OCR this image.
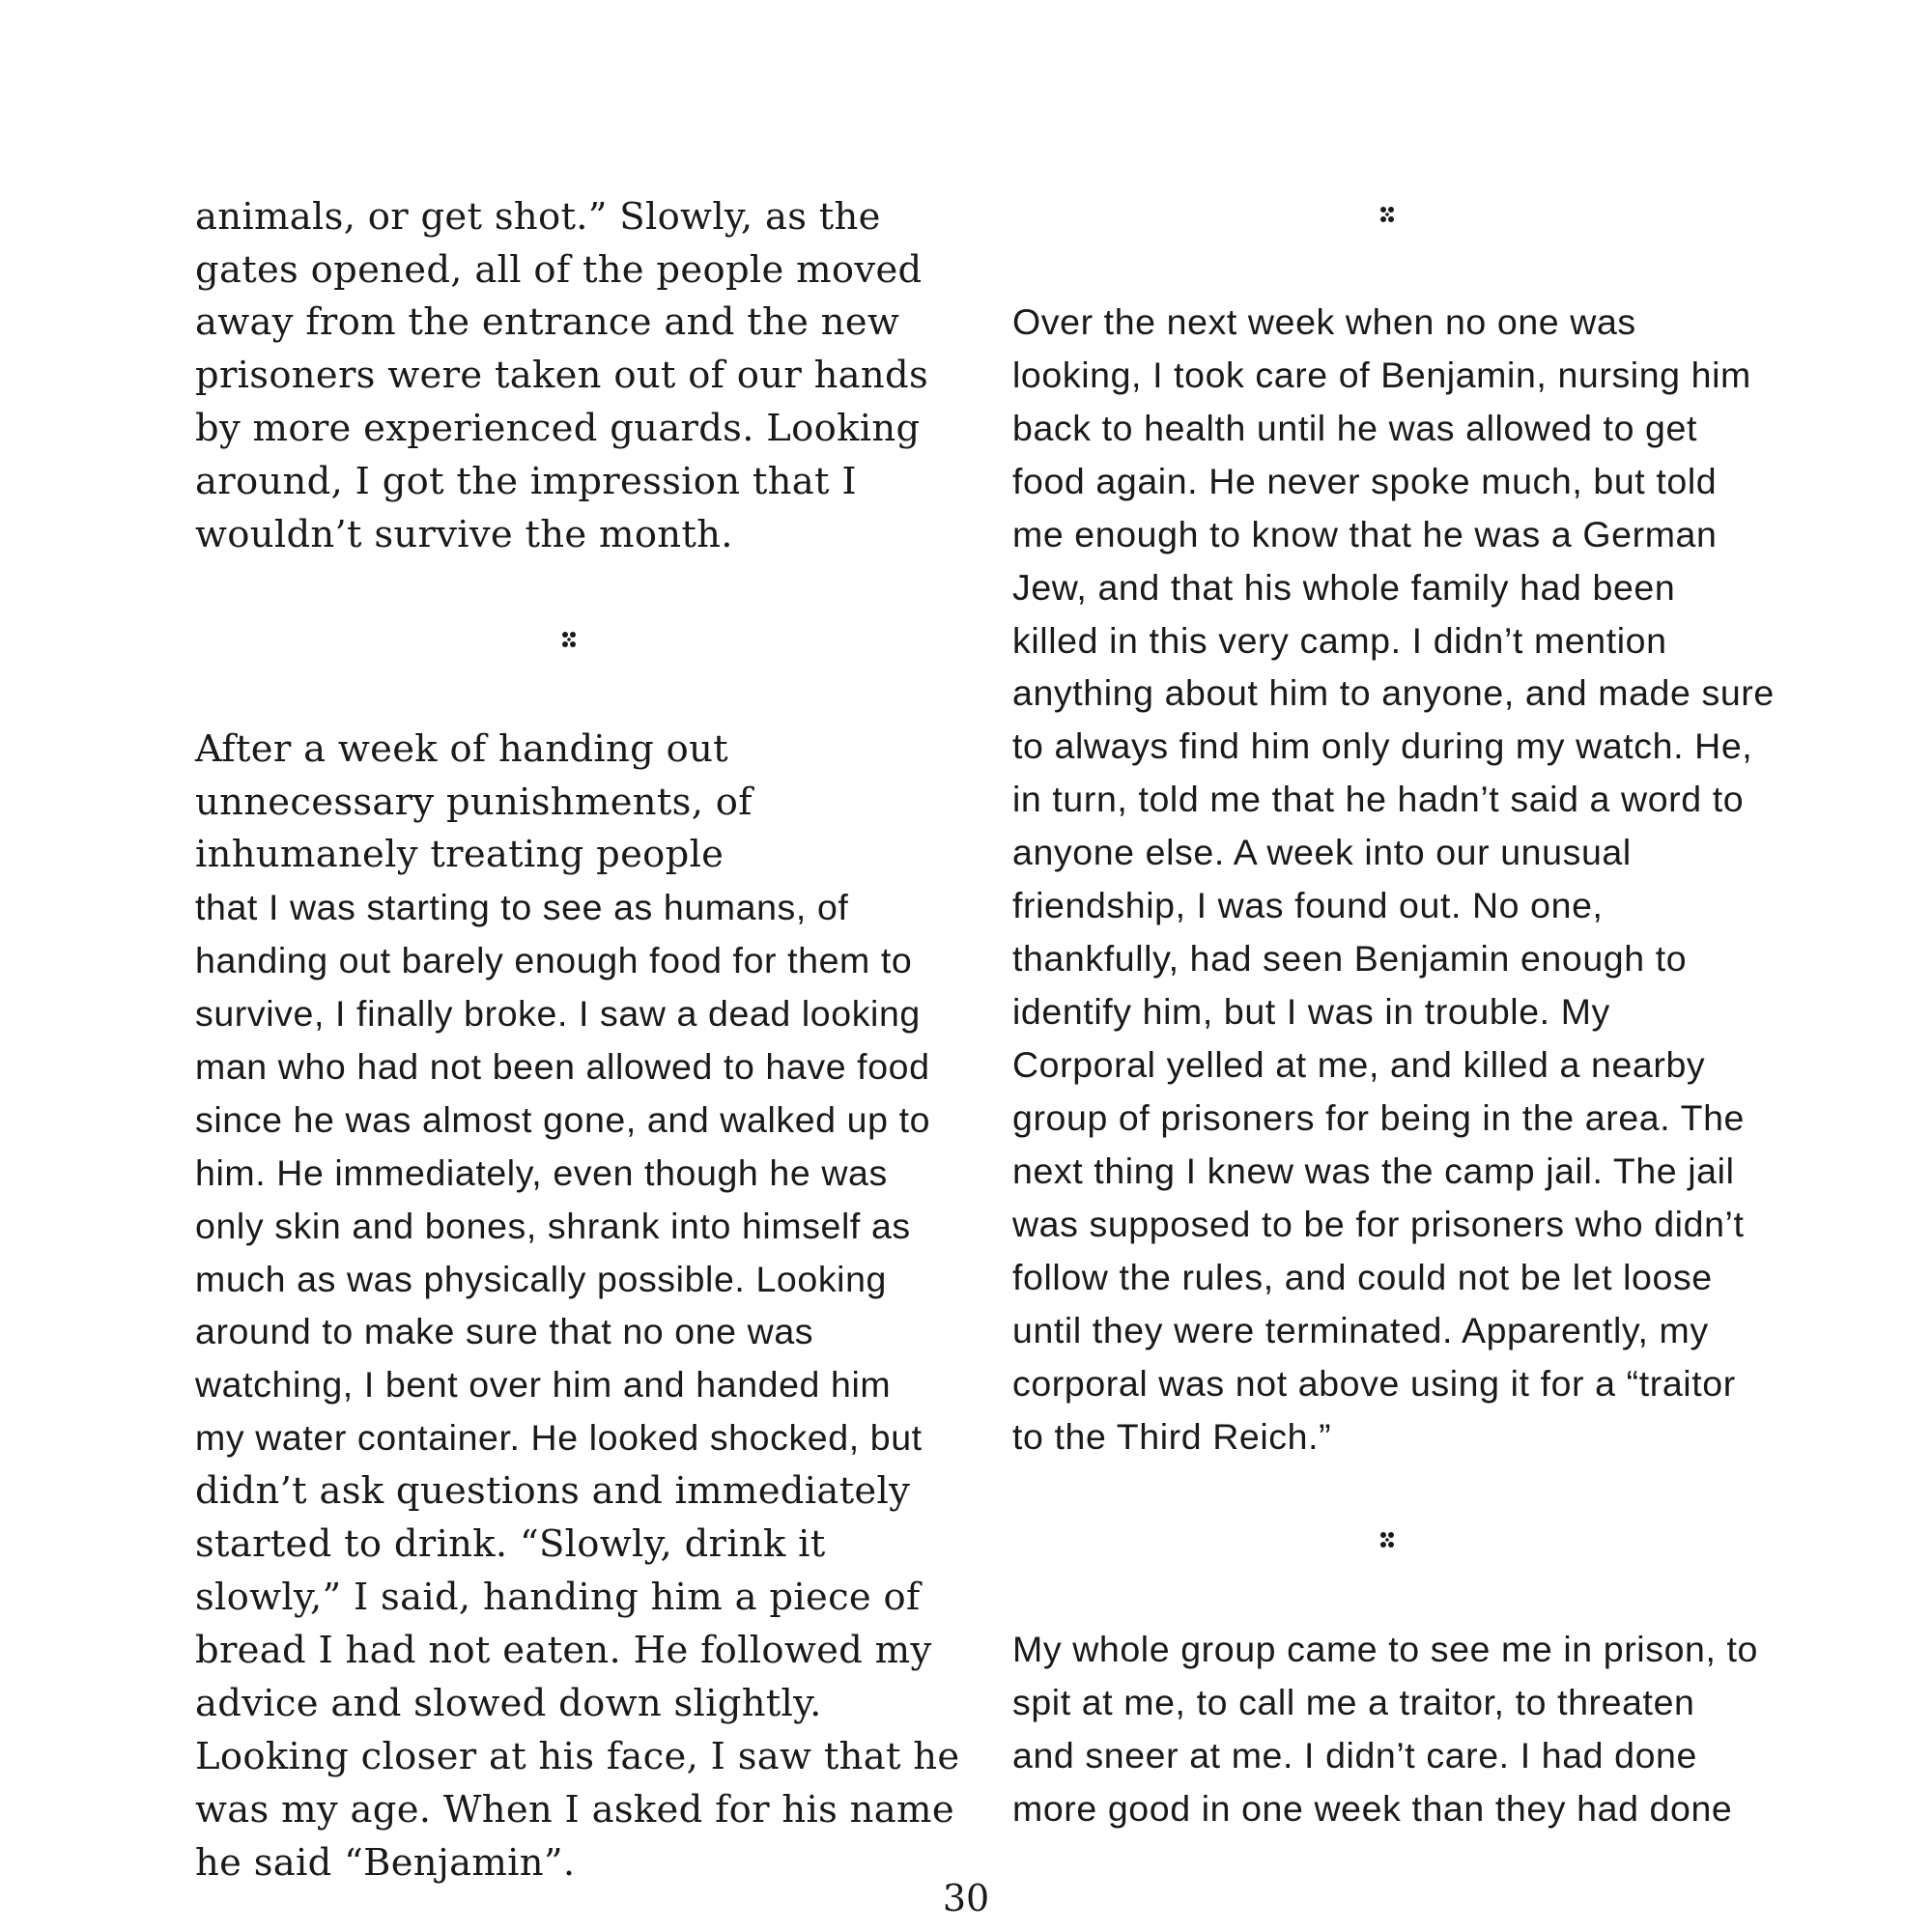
animals, or get shot.” Slowly, as the
gates opened, all of the people moved
away from the entrance and the new
prisoners were taken out of our hands
by more experienced guards. Looking
around, I got the impression that I
wouldn’t survive the month.
After a week of handing out
unnecessary punishments, of
inhumanely treating people
that I was starting to see as humans, of
handing out barely enough food for them to
survive, I finally broke. I saw a dead looking
man who had not been allowed to have food
since he was almost gone, and walked up to
him. He immediately, even though he was
only skin and bones, shrank into himself as
much as was physically possible. Looking
around to make sure that no one was
watching, I bent over him and handed him
my water container. He looked shocked, but
didn’t ask questions and immediately
started to drink. “Slowly, drink it
slowly,” I said, handing him a piece of
bread I had not eaten. He followed my
advice and slowed down slightly.
Looking closer at his face, I saw that he
was my age. When I asked for his name
he said “Benjamin”.
Over the next week when no one was
looking, I took care of Benjamin, nursing him
back to health until he was allowed to get
food again. He never spoke much, but told
me enough to know that he was a German
Jew, and that his whole family had been
killed in this very camp. I didn’t mention
anything about him to anyone, and made sure
to always find him only during my watch. He,
in turn, told me that he hadn’t said a word to
anyone else. A week into our unusual
friendship, I was found out. No one,
thankfully, had seen Benjamin enough to
identify him, but I was in trouble. My
Corporal yelled at me, and killed a nearby
group of prisoners for being in the area. The
next thing I knew was the camp jail. The jail
was supposed to be for prisoners who didn’t
follow the rules, and could not be let loose
until they were terminated. Apparently, my
corporal was not above using it for a “traitor
to the Third Reich.”
My whole group came to see me in prison, to
spit at me, to call me a traitor, to threaten
and sneer at me. I didn’t care. I had done
more good in one week than they had done
30
